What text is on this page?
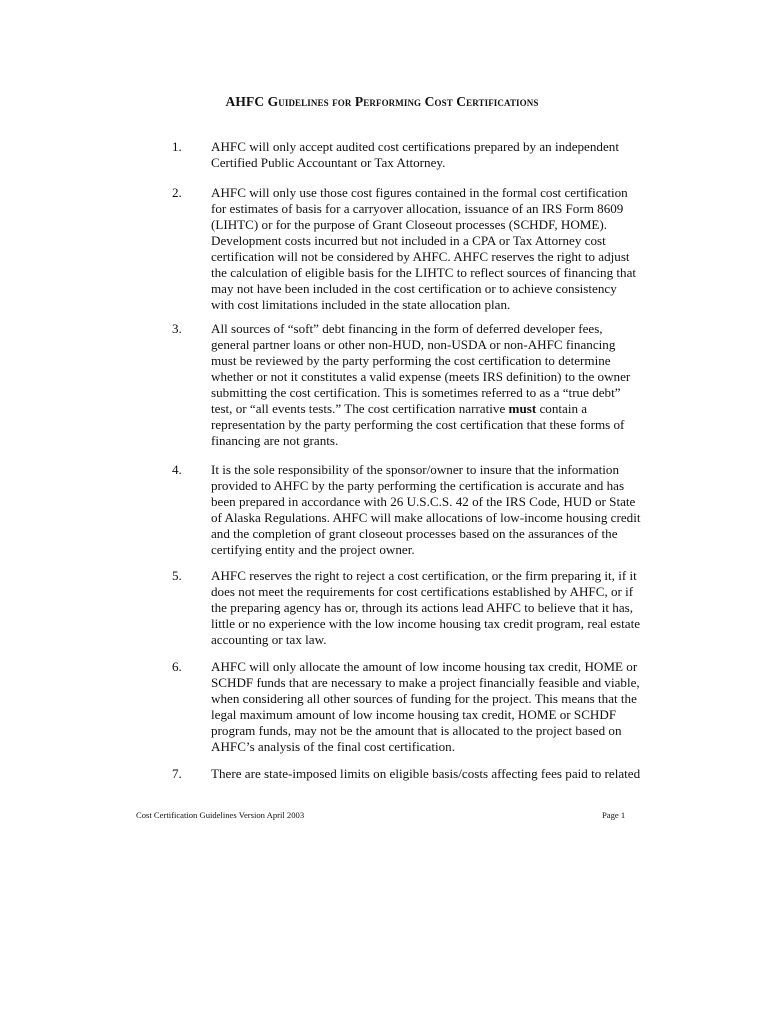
AHFC Guidelines for Performing Cost Certifications
1.	AHFC will only accept audited cost certifications prepared by an independent Certified Public Accountant or Tax Attorney.
2.	AHFC will only use those cost figures contained in the formal cost certification for estimates of basis for a carryover allocation, issuance of an IRS Form 8609 (LIHTC) or for the purpose of Grant Closeout processes (SCHDF, HOME). Development costs incurred but not included in a CPA or Tax Attorney cost certification will not be considered by AHFC. AHFC reserves the right to adjust the calculation of eligible basis for the LIHTC to reflect sources of financing that may not have been included in the cost certification or to achieve consistency with cost limitations included in the state allocation plan.
3.	All sources of “soft” debt financing in the form of deferred developer fees, general partner loans or other non-HUD, non-USDA or non-AHFC financing must be reviewed by the party performing the cost certification to determine whether or not it constitutes a valid expense (meets IRS definition) to the owner submitting the cost certification. This is sometimes referred to as a “true debt” test, or “all events tests.” The cost certification narrative must contain a representation by the party performing the cost certification that these forms of financing are not grants.
4.	It is the sole responsibility of the sponsor/owner to insure that the information provided to AHFC by the party performing the certification is accurate and has been prepared in accordance with 26 U.S.C.S. 42 of the IRS Code, HUD or State of Alaska Regulations. AHFC will make allocations of low-income housing credit and the completion of grant closeout processes based on the assurances of the certifying entity and the project owner.
5.	AHFC reserves the right to reject a cost certification, or the firm preparing it, if it does not meet the requirements for cost certifications established by AHFC, or if the preparing agency has or, through its actions lead AHFC to believe that it has, little or no experience with the low income housing tax credit program, real estate accounting or tax law.
6.	AHFC will only allocate the amount of low income housing tax credit, HOME or SCHDF funds that are necessary to make a project financially feasible and viable, when considering all other sources of funding for the project. This means that the legal maximum amount of low income housing tax credit, HOME or SCHDF program funds, may not be the amount that is allocated to the project based on AHFC’s analysis of the final cost certification.
7.	There are state-imposed limits on eligible basis/costs affecting fees paid to related
Cost Certification Guidelines Version April 2003	Page 1
